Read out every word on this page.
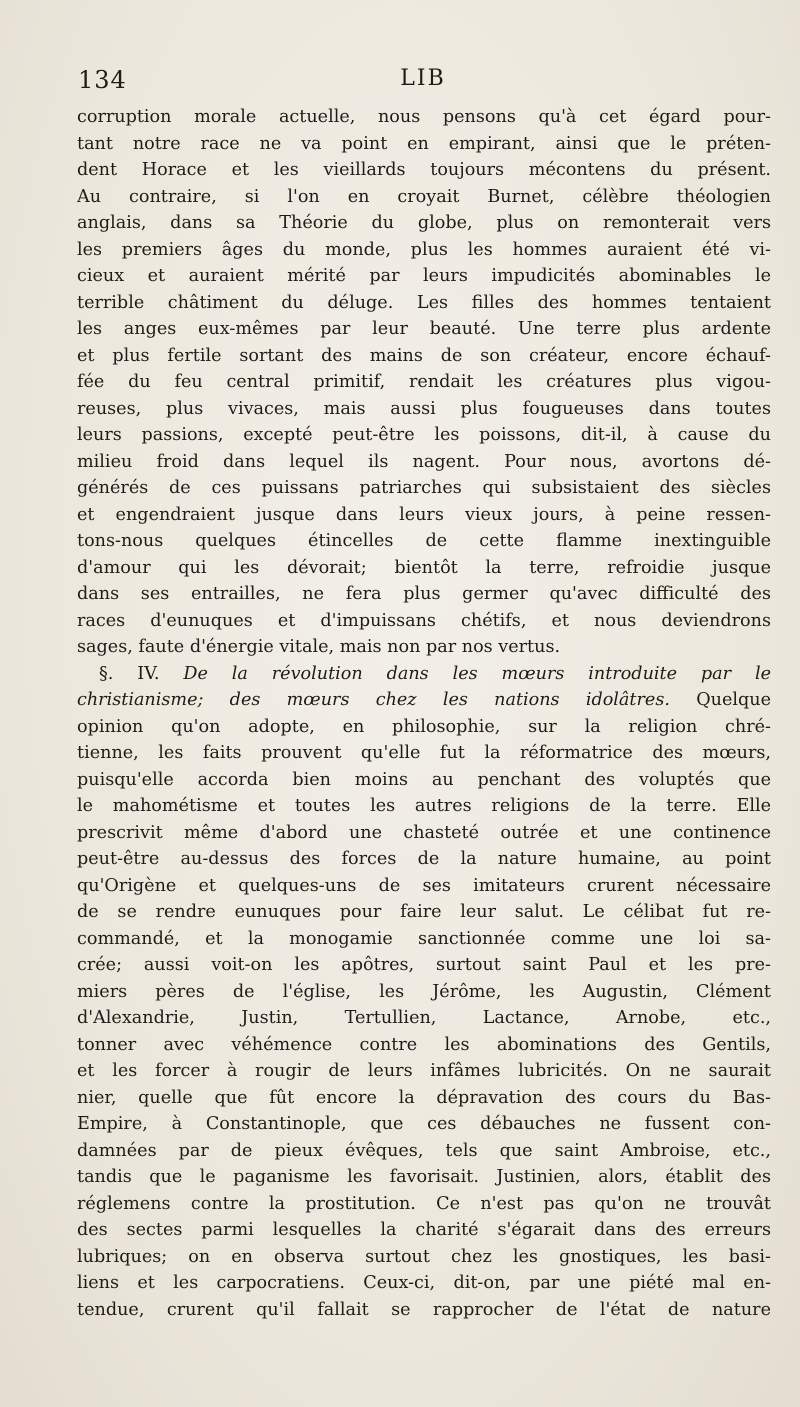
134	LIB
corruption morale actuelle, nous pensons qu'à cet égard pour-
tant notre race ne va point en empirant, ainsi que le préten-
dent Horace et les vieillards toujours mécontens du présent.
Au contraire, si l'on en croyait Burnet, célèbre théologien
anglais, dans sa Théorie du globe, plus on remonterait vers
les premiers âges du monde, plus les hommes auraient été vi-
cieux et auraient mérité par leurs impudicités abominables le
terrible châtiment du déluge. Les filles des hommes tentaient
les anges eux-mêmes par leur beauté. Une terre plus ardente
et plus fertile sortant des mains de son créateur, encore échauf-
fée du feu central primitif, rendait les créatures plus vigou-
reuses, plus vivaces, mais aussi plus fougueuses dans toutes
leurs passions, excepté peut-être les poissons, dit-il, à cause du
milieu froid dans lequel ils nagent. Pour nous, avortons dé-
générés de ces puissans patriarches qui subsistaient des siècles
et engendraient jusque dans leurs vieux jours, à peine ressen-
tons-nous quelques étincelles de cette flamme inextinguible
d'amour qui les dévorait; bientôt la terre, refroidie jusque
dans ses entrailles, ne fera plus germer qu'avec difficulté des
races d'eunuques et d'impuissans chétifs, et nous deviendrons
sages, faute d'énergie vitale, mais non par nos vertus.
§. IV. De la révolution dans les mœurs introduite par le
christianisme; des mœurs chez les nations idolâtres. Quelque
opinion qu'on adopte, en philosophie, sur la religion chré-
tienne, les faits prouvent qu'elle fut la réformatrice des mœurs,
puisqu'elle accorda bien moins au penchant des voluptés que
le mahométisme et toutes les autres religions de la terre. Elle
prescrivit même d'abord une chasteté outrée et une continence
peut-être au-dessus des forces de la nature humaine, au point
qu'Origène et quelques-uns de ses imitateurs crurent nécessaire
de se rendre eunuques pour faire leur salut. Le célibat fut re-
commandé, et la monogamie sanctionnée comme une loi sa-
crée; aussi voit-on les apôtres, surtout saint Paul et les pre-
miers pères de l'église, les Jérôme, les Augustin, Clément
d'Alexandrie, Justin, Tertullien, Lactance, Arnobe, etc.,
tonner avec véhémence contre les abominations des Gentils,
et les forcer à rougir de leurs infâmes lubricités. On ne saurait
nier, quelle que fût encore la dépravation des cours du Bas-
Empire, à Constantinople, que ces débauches ne fussent con-
damnées par de pieux évêques, tels que saint Ambroise, etc.,
tandis que le paganisme les favorisait. Justinien, alors, établit des
réglemens contre la prostitution. Ce n'est pas qu'on ne trouvât
des sectes parmi lesquelles la charité s'égarait dans des erreurs
lubriques; on en observa surtout chez les gnostiques, les basi-
liens et les carpocratiens. Ceux-ci, dit-on, par une piété mal en-
tendue, crurent qu'il fallait se rapprocher de l'état de nature
